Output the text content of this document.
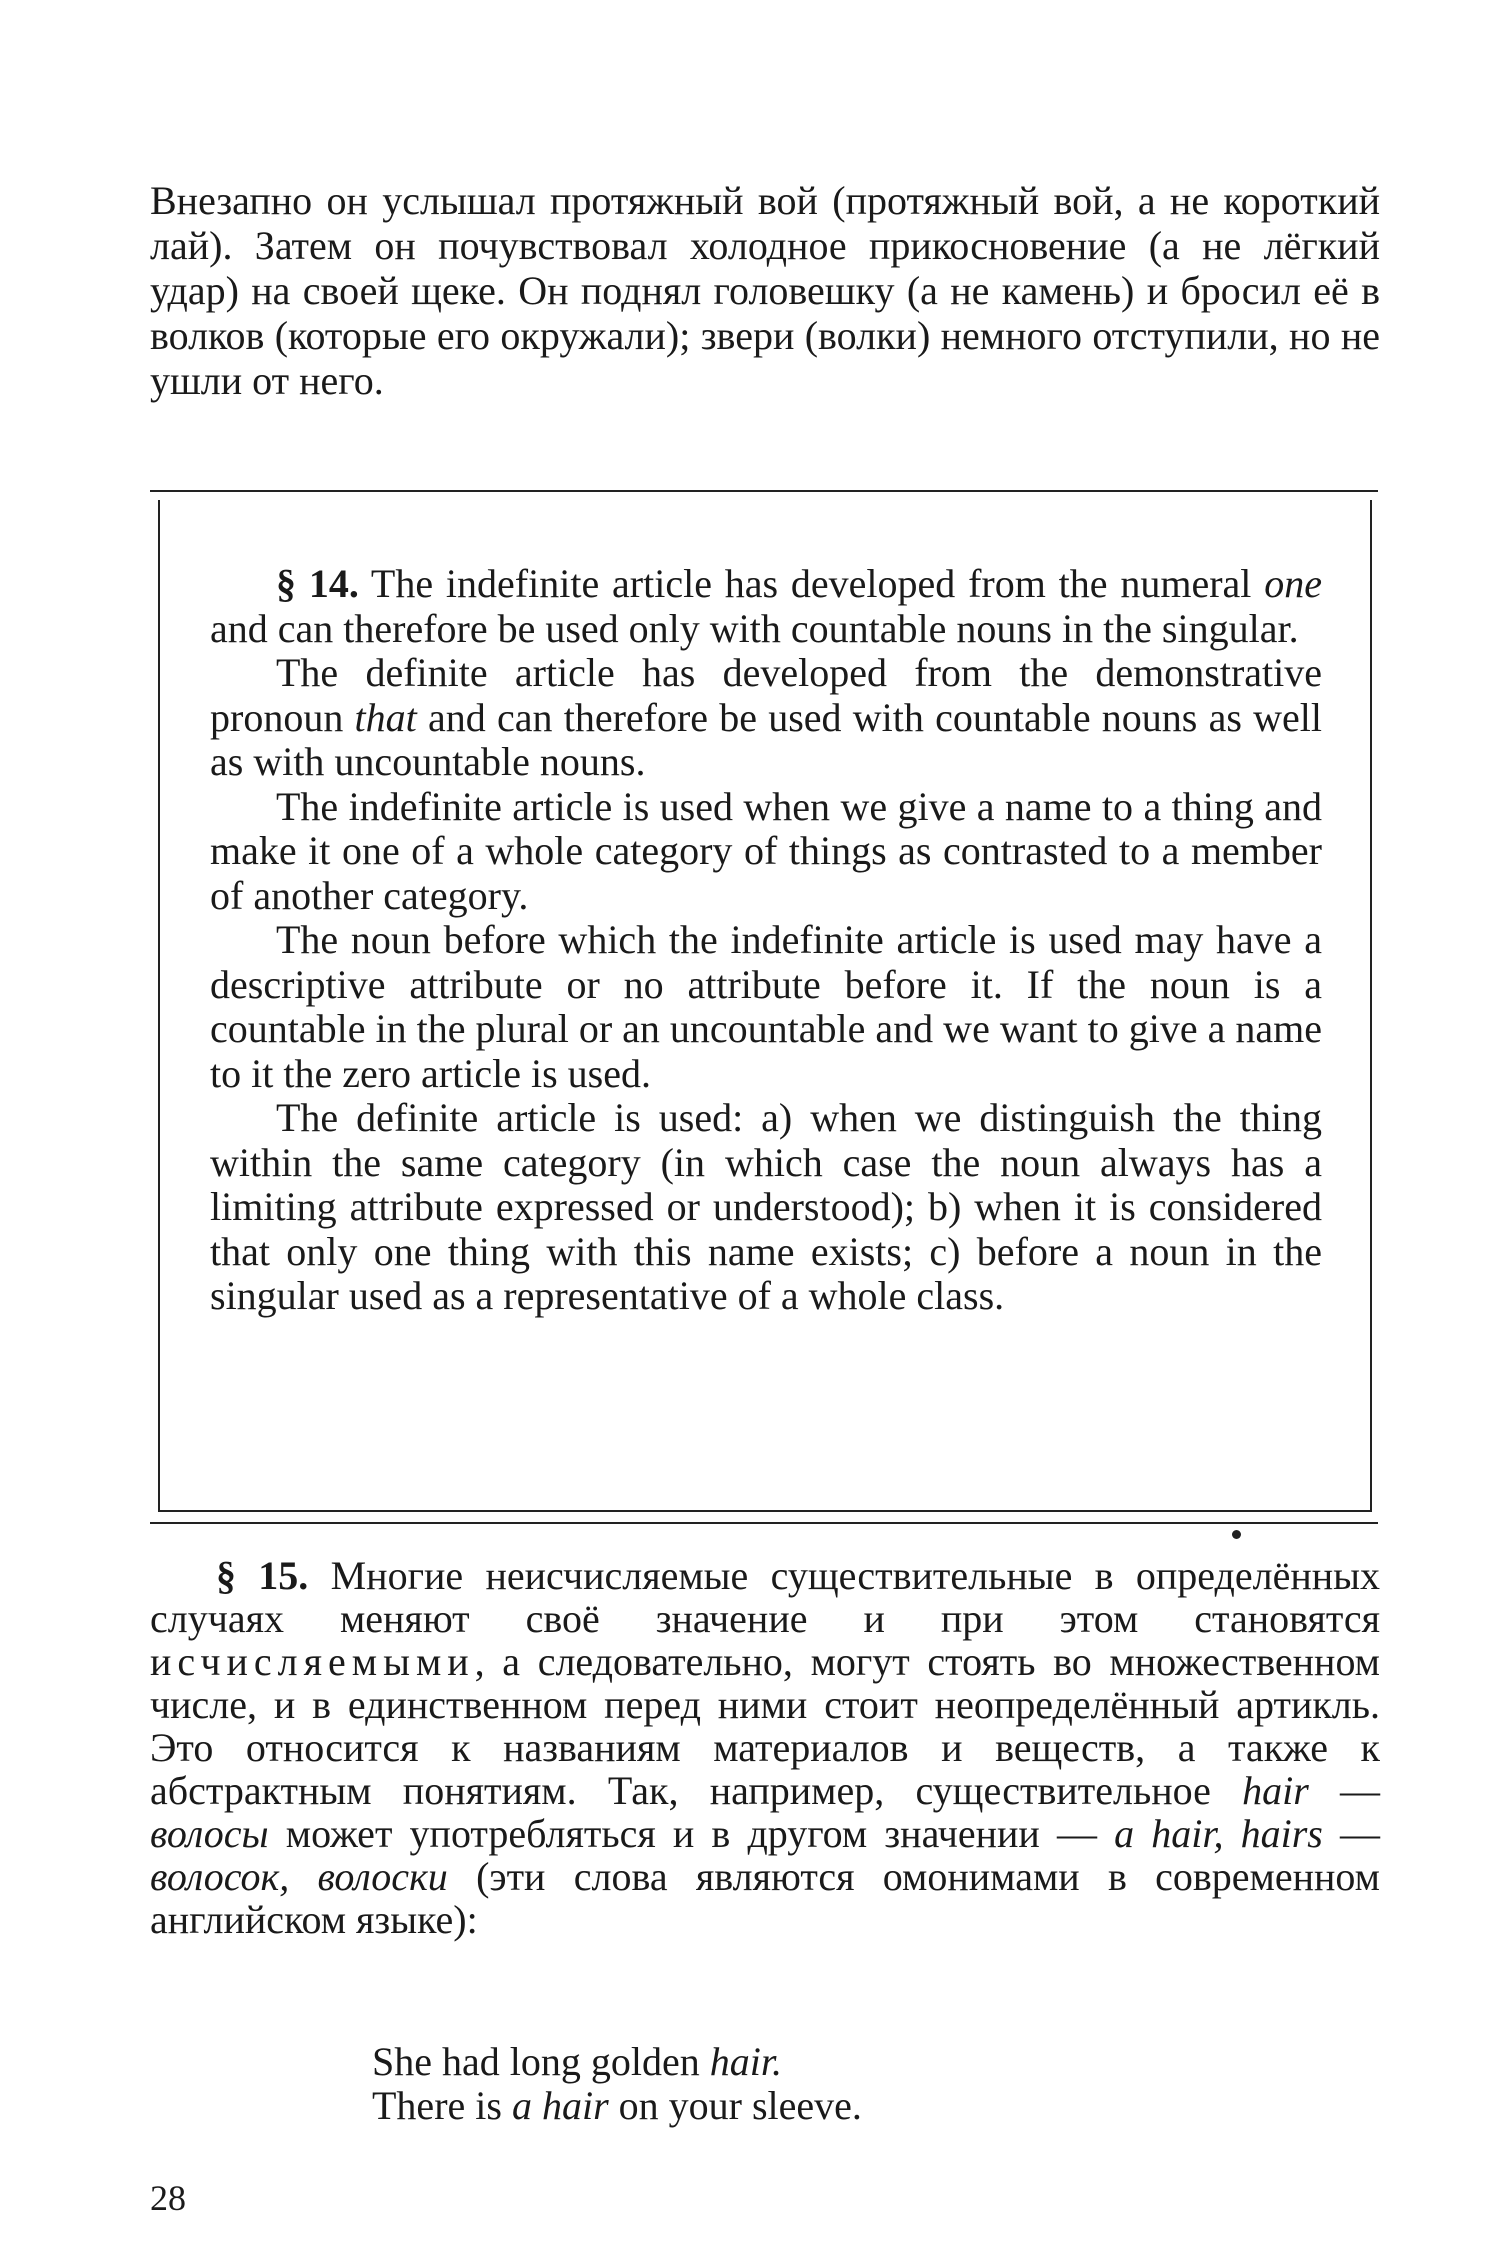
Внезапно он услышал протяжный вой (протяжный вой, а не короткий лай). Затем он почувствовал холодное прикосновение (а не лёгкий удар) на своей щеке. Он поднял головешку (а не камень) и бросил её в волков (которые его окружали); звери (волки) немного отступили, но не ушли от него.

§ 14. The indefinite article has developed from the numeral one and can therefore be used only with countable nouns in the singular.

The definite article has developed from the demonstrative pronoun that and can therefore be used with countable nouns as well as with uncountable nouns.

The indefinite article is used when we give a name to a thing and make it one of a whole category of things as contrasted to a member of another category.

The noun before which the indefinite article is used may have a descriptive attribute or no attribute before it. If the noun is a countable in the plural or an uncountable and we want to give a name to it the zero article is used.

The definite article is used: a) when we distinguish the thing within the same category (in which case the noun always has a limiting attribute expressed or understood); b) when it is considered that only one thing with this name exists; c) before a noun in the singular used as a representative of a whole class.

§ 15. Многие неисчисляемые существительные в определённых случаях меняют своё значение и при этом становятся исчисляемыми, а следовательно, могут стоять во множественном числе, и в единственном перед ними стоит неопределённый артикль. Это относится к названиям материалов и веществ, а также к абстрактным понятиям. Так, например, существительное hair — волосы может употребляться и в другом значении — a hair, hairs — волосок, волоски (эти слова являются омонимами в современном английском языке):

She had long golden hair.
There is a hair on your sleeve.
28
